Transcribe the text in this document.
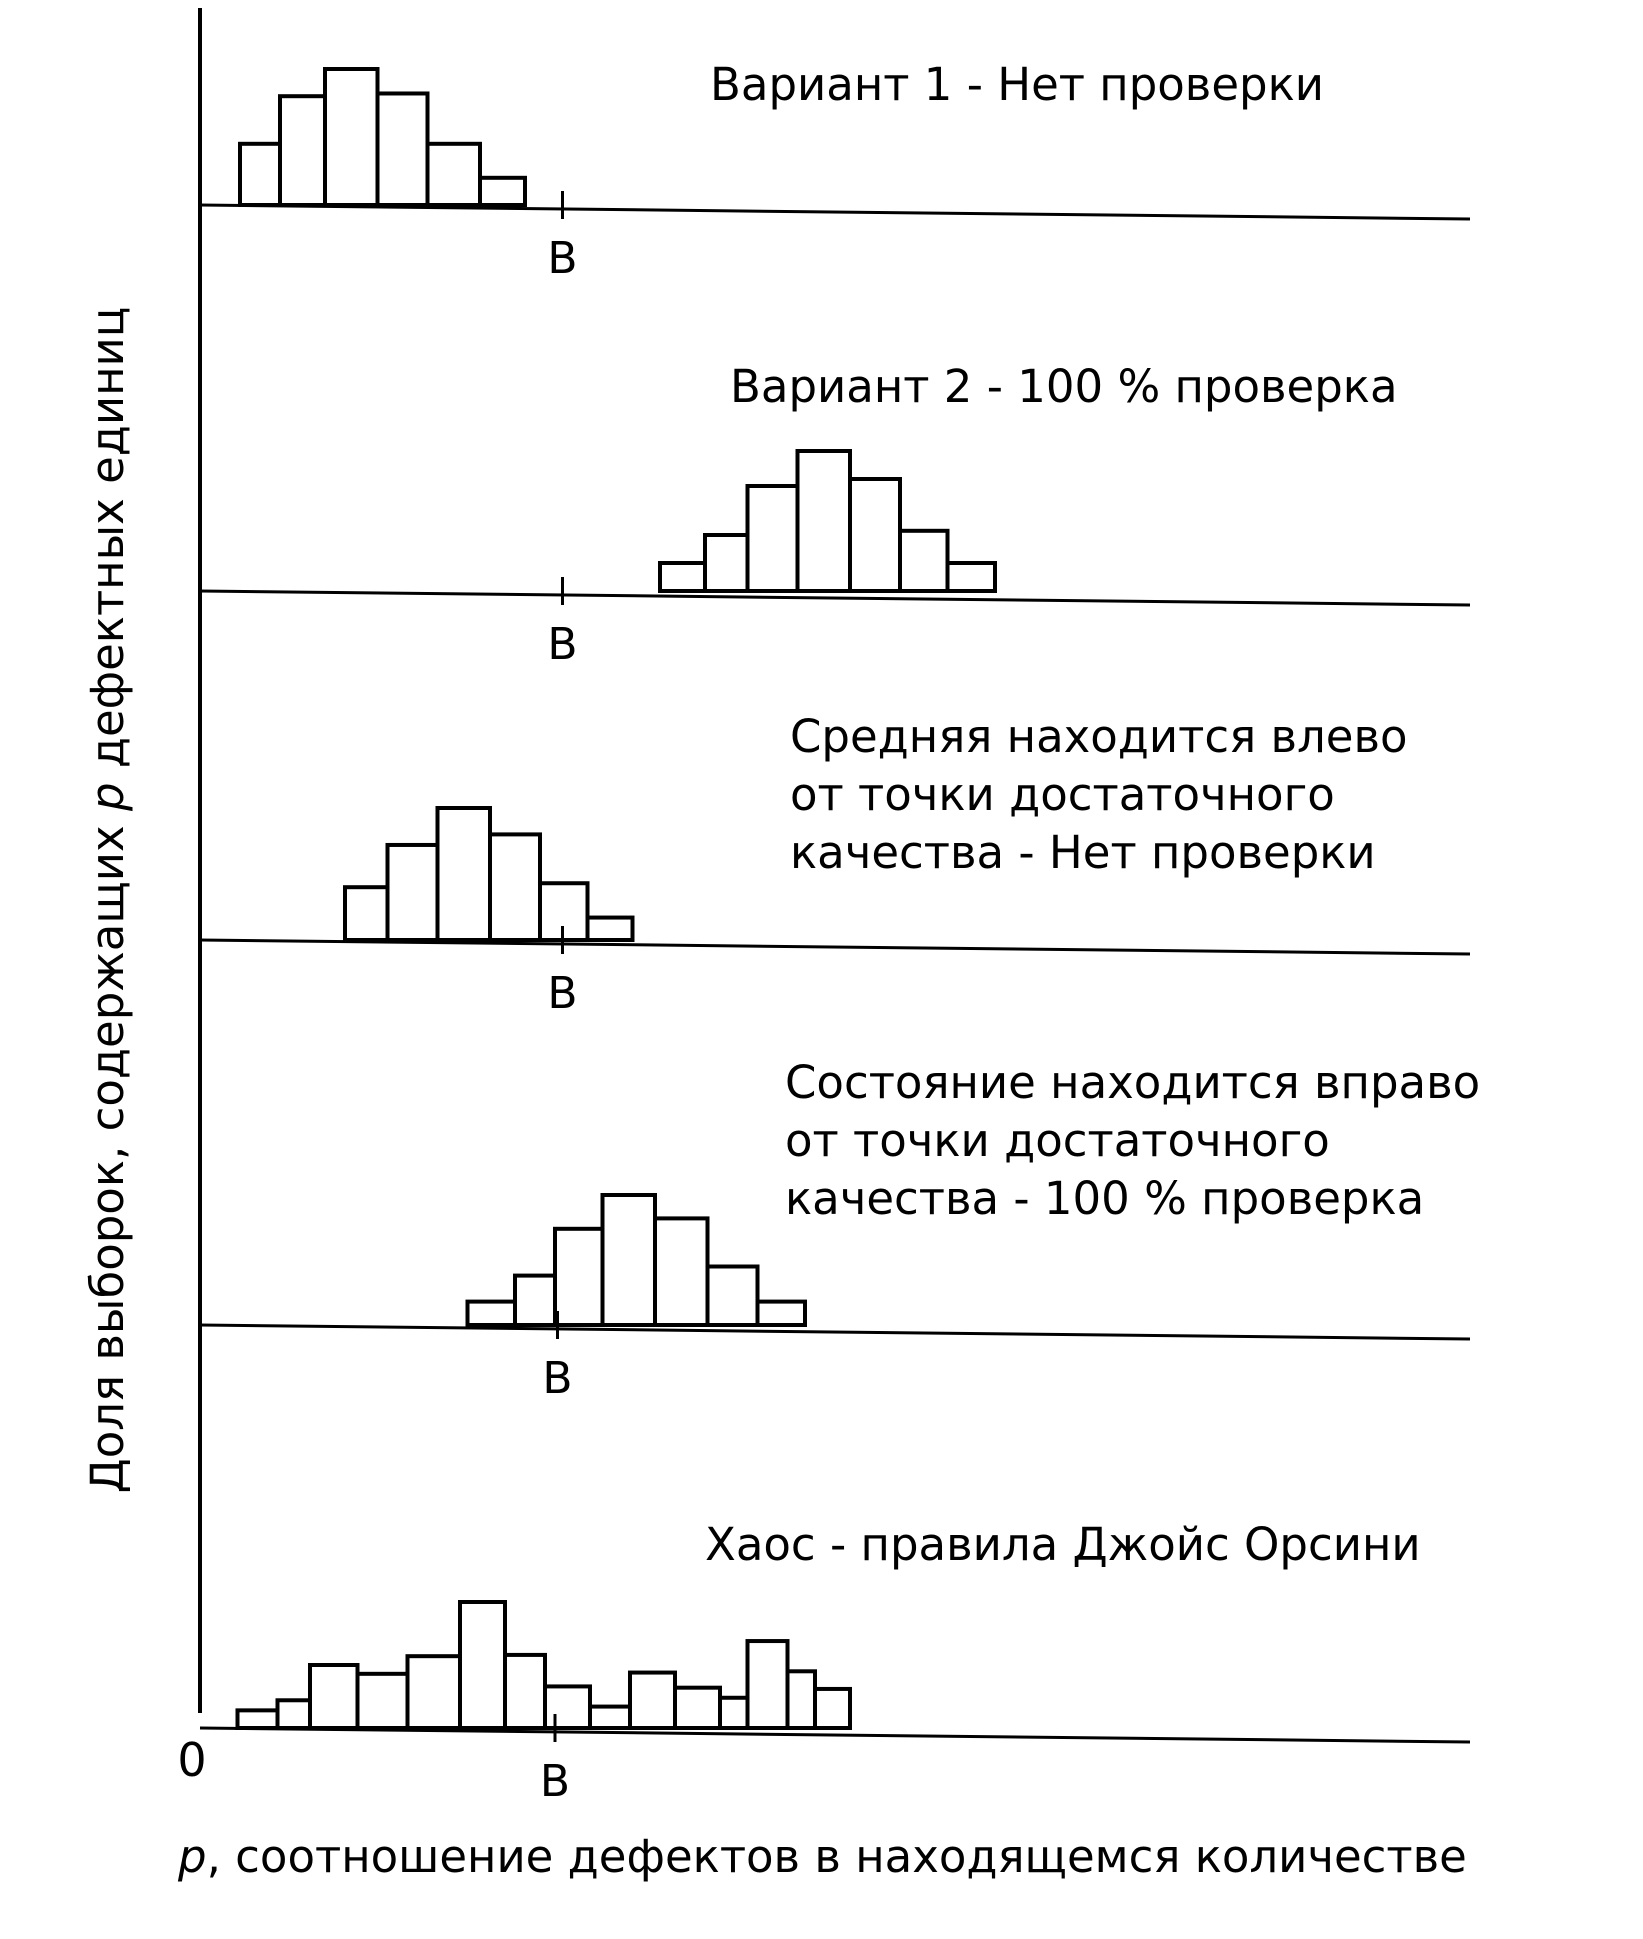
Доля выборок, содержащих p дефектных единиц
0
p, соотношение дефектов в находящемся количестве
B
Вариант 1 - Нет проверки
B
Вариант 2 - 100 % проверка
B
Средняя находится влево
от точки достаточного
качества - Нет проверки
B
Состояние находится вправо
от точки достаточного
качества - 100 % проверка
B
Хаос - правила Джойс Орсини
